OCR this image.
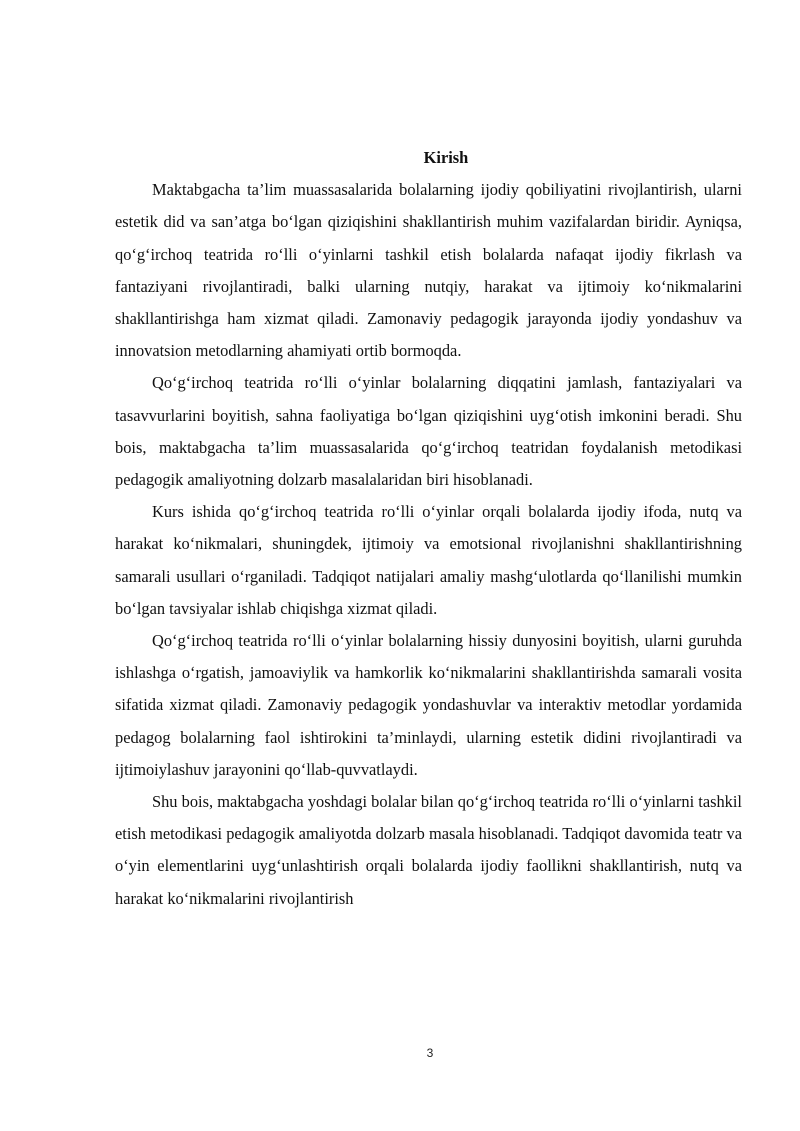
Kirish

Maktabgacha ta’lim muassasalarida bolalarning ijodiy qobiliyatini rivojlantirish, ularni estetik did va san’atga bo‘lgan qiziqishini shakllantirish muhim vazifalardan biridir. Ayniqsa, qo‘g‘irchoq teatrida ro‘lli o‘yinlarni tashkil etish bolalarda nafaqat ijodiy fikrlash va fantaziyani rivojlantiradi, balki ularning nutqiy, harakat va ijtimoiy ko‘nikmalarini shakllantirishga ham xizmat qiladi. Zamonaviy pedagogik jarayonda ijodiy yondashuv va innovatsion metodlarning ahamiyati ortib bormoqda.

Qo‘g‘irchoq teatrida ro‘lli o‘yinlar bolalarning diqqatini jamlash, fantaziyalari va tasavvurlarini boyitish, sahna faoliyatiga bo‘lgan qiziqishini uyg‘otish imkonini beradi. Shu bois, maktabgacha ta’lim muassasalarida qo‘g‘irchoq teatridan foydalanish metodikasi pedagogik amaliyotning dolzarb masalalaridan biri hisoblanadi.

Kurs ishida qo‘g‘irchoq teatrida ro‘lli o‘yinlar orqali bolalarda ijodiy ifoda, nutq va harakat ko‘nikmalari, shuningdek, ijtimoiy va emotsional rivojlanishni shakllantirishning samarali usullari o‘rganiladi. Tadqiqot natijalari amaliy mashg‘ulotlarda qo‘llanilishi mumkin bo‘lgan tavsiyalar ishlab chiqishga xizmat qiladi.

Qo‘g‘irchoq teatrida ro‘lli o‘yinlar bolalarning hissiy dunyosini boyitish, ularni guruhda ishlashga o‘rgatish, jamoaviylik va hamkorlik ko‘nikmalarini shakllantirishda samarali vosita sifatida xizmat qiladi. Zamonaviy pedagogik yondashuvlar va interaktiv metodlar yordamida pedagog bolalarning faol ishtirokini ta’minlaydi, ularning estetik didini rivojlantiradi va ijtimoiylashuv jarayonini qo‘llab-quvvatlaydi.

Shu bois, maktabgacha yoshdagi bolalar bilan qo‘g‘irchoq teatrida ro‘lli o‘yinlarni tashkil etish metodikasi pedagogik amaliyotda dolzarb masala hisoblanadi. Tadqiqot davomida teatr va o‘yin elementlarini uyg‘unlashtirish orqali bolalarda ijodiy faollikni shakllantirish, nutq va harakat ko‘nikmalarini rivojlantirish

3
